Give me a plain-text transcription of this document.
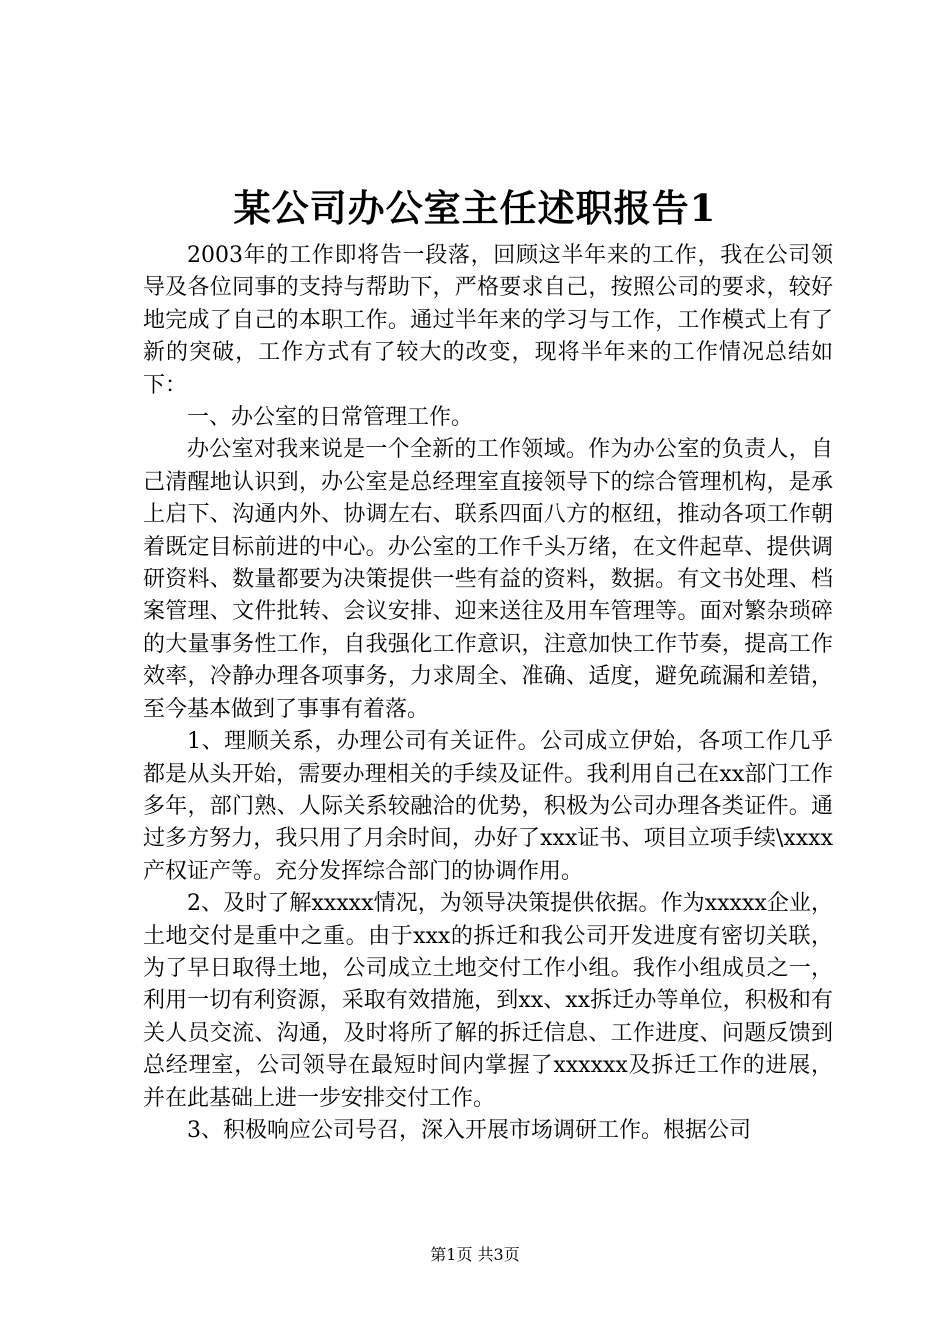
某公司办公室主任述职报告1

2003年的工作即将告一段落，回顾这半年来的工作，我在公司领导及各位同事的支持与帮助下，严格要求自己，按照公司的要求，较好地完成了自己的本职工作。通过半年来的学习与工作，工作模式上有了新的突破，工作方式有了较大的改变，现将半年来的工作情况总结如下：

一、办公室的日常管理工作。

办公室对我来说是一个全新的工作领域。作为办公室的负责人，自己清醒地认识到，办公室是总经理室直接领导下的综合管理机构，是承上启下、沟通内外、协调左右、联系四面八方的枢纽，推动各项工作朝着既定目标前进的中心。办公室的工作千头万绪，在文件起草、提供调研资料、数量都要为决策提供一些有益的资料，数据。有文书处理、档案管理、文件批转、会议安排、迎来送往及用车管理等。面对繁杂琐碎的大量事务性工作，自我强化工作意识，注意加快工作节奏，提高工作效率，冷静办理各项事务，力求周全、准确、适度，避免疏漏和差错，至今基本做到了事事有着落。

1、理顺关系，办理公司有关证件。公司成立伊始，各项工作几乎都是从头开始，需要办理相关的手续及证件。我利用自己在xx部门工作多年，部门熟、人际关系较融洽的优势，积极为公司办理各类证件。通过多方努力，我只用了月余时间，办好了xxx证书、项目立项手续\xxxx产权证产等。充分发挥综合部门的协调作用。

2、及时了解xxxxx情况，为领导决策提供依据。作为xxxxx企业，土地交付是重中之重。由于xxx的拆迁和我公司开发进度有密切关联，为了早日取得土地，公司成立土地交付工作小组。我作小组成员之一，利用一切有利资源，采取有效措施，到xx、xx拆迁办等单位，积极和有关人员交流、沟通，及时将所了解的拆迁信息、工作进度、问题反馈到总经理室，公司领导在最短时间内掌握了xxxxxx及拆迁工作的进展，并在此基础上进一步安排交付工作。

3、积极响应公司号召，深入开展市场调研工作。根据公司

第1页 共3页
